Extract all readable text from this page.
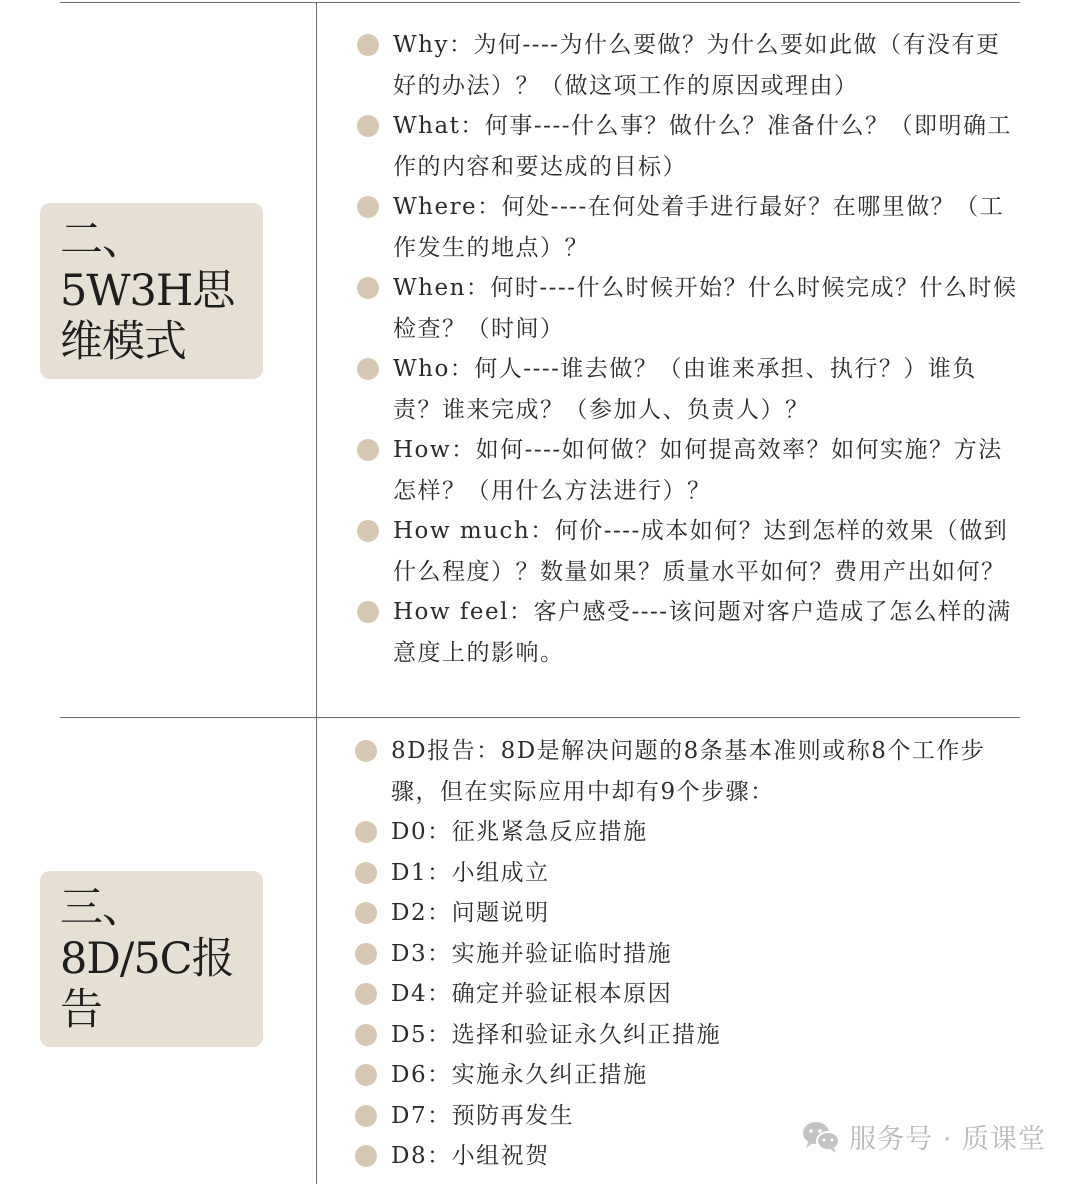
二、
5W3H思
维模式
Why：为何----为什么要做？为什么要如此做（有没有更好的办法）？（做这项工作的原因或理由）
What：何事----什么事？做什么？准备什么？（即明确工作的内容和要达成的目标）
Where：何处----在何处着手进行最好？在哪里做？（工作发生的地点）？
When：何时----什么时候开始？什么时候完成？什么时候检查？（时间）
Who：何人----谁去做？（由谁来承担、执行？）谁负责？谁来完成？（参加人、负责人）？
How：如何----如何做？如何提高效率？如何实施？方法怎样？（用什么方法进行）？
How much：何价----成本如何？达到怎样的效果（做到什么程度）？数量如果？质量水平如何？费用产出如何？
How feel：客户感受----该问题对客户造成了怎么样的满意度上的影响。
三、
8D/5C报
告
8D报告：8D是解决问题的8条基本准则或称8个工作步骤，但在实际应用中却有9个步骤：
D0：征兆紧急反应措施
D1：小组成立
D2：问题说明
D3：实施并验证临时措施
D4：确定并验证根本原因
D5：选择和验证永久纠正措施
D6：实施永久纠正措施
D7：预防再发生
D8：小组祝贺
服务号 · 质课堂
